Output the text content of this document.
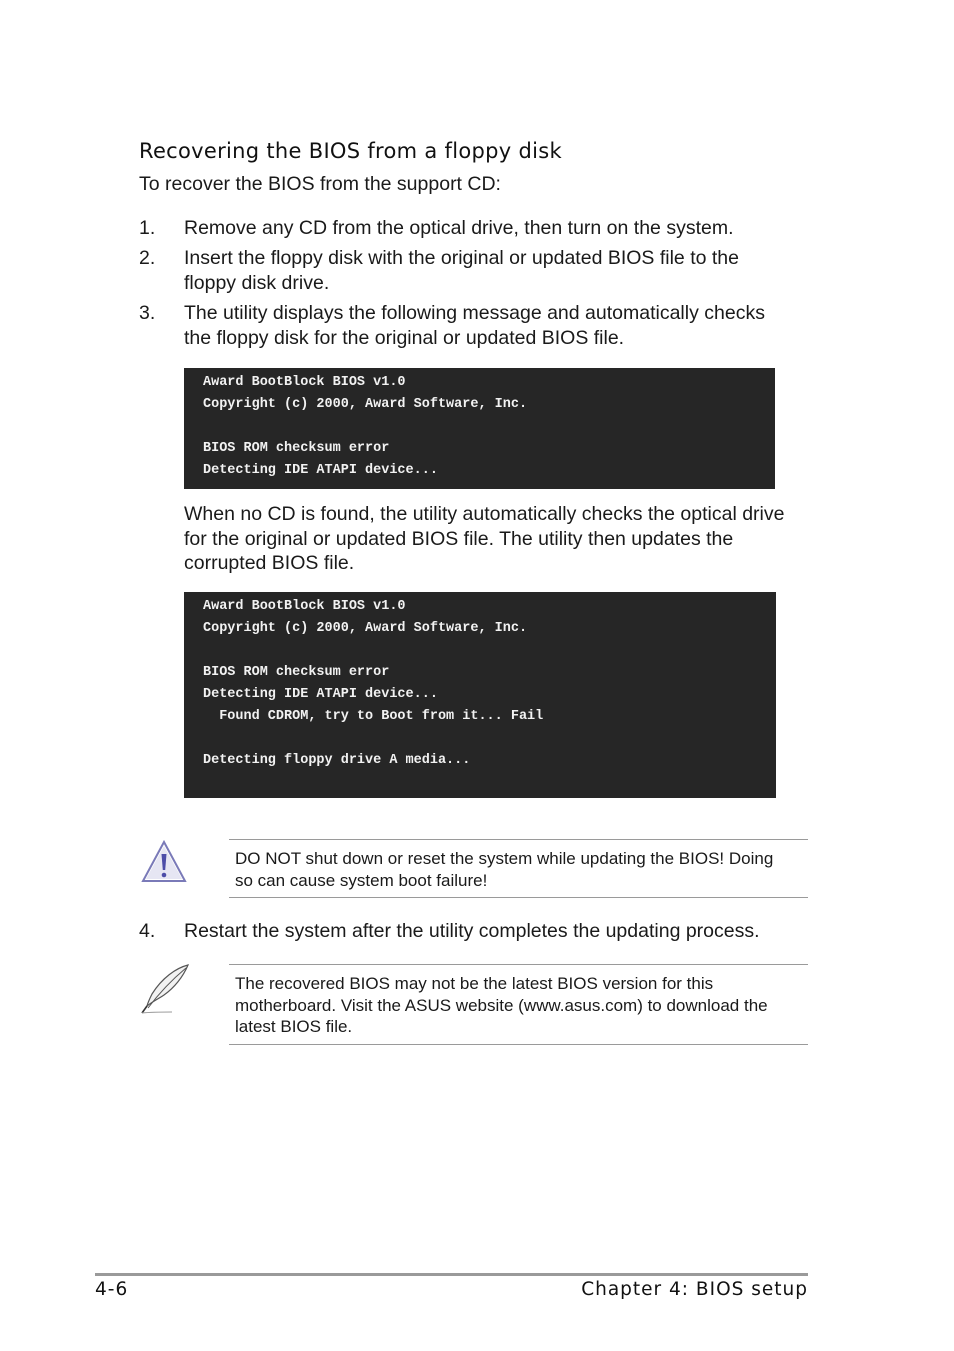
Recovering the BIOS from a floppy disk
To recover the BIOS from the support CD:
1. Remove any CD from the optical drive, then turn on the system.
2. Insert the floppy disk with the original or updated BIOS file to the
floppy disk drive.
3. The utility displays the following message and automatically checks
the floppy disk for the original or updated BIOS file.
Award BootBlock BIOS v1.0
Copyright (c) 2000, Award Software, Inc.
BIOS ROM checksum error
Detecting IDE ATAPI device...
When no CD is found, the utility automatically checks the optical drive
for the original or updated BIOS file. The utility then updates the
corrupted BIOS file.
Award BootBlock BIOS v1.0
Copyright (c) 2000, Award Software, Inc.
BIOS ROM checksum error
Detecting IDE ATAPI device...
Found CDROM, try to Boot from it... Fail
Detecting floppy drive A media...
DO NOT shut down or reset the system while updating the BIOS! Doing
so can cause system boot failure!
4. Restart the system after the utility completes the updating process.
The recovered BIOS may not be the latest BIOS version for this
motherboard. Visit the ASUS website (www.asus.com) to download the
latest BIOS file.
4-6	Chapter 4: BIOS setup
